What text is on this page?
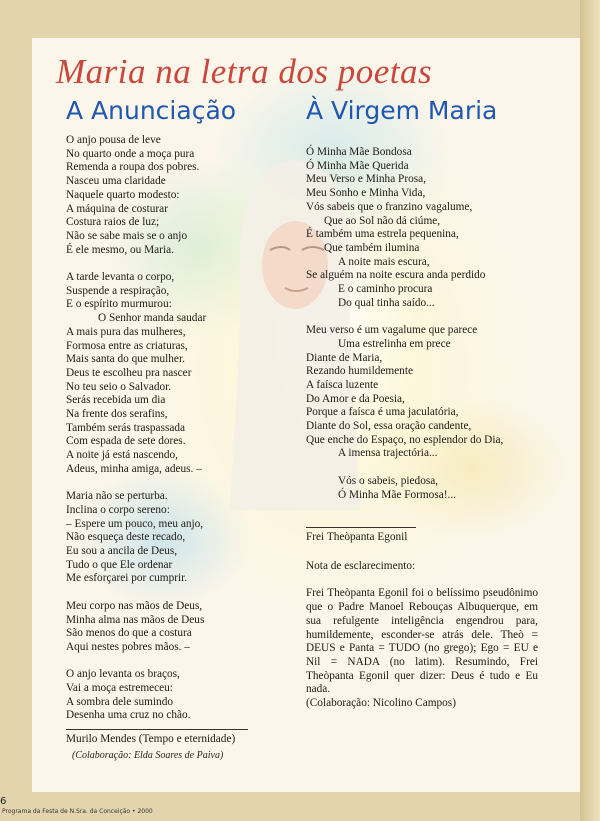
Maria na letra dos poetas
A Anunciação	À Virgem Maria
O anjo pousa de leve
No quarto onde a moça pura
Remenda a roupa dos pobres.
Nasceu uma claridade
Naquele quarto modesto:
A máquina de costurar
Costura raios de luz;
Não se sabe mais se o anjo
É ele mesmo, ou Maria.
A tarde levanta o corpo,
Suspende a respiração,
E o espírito murmurou:
O Senhor manda saudar
A mais pura das mulheres,
Formosa entre as criaturas,
Mais santa do que mulher.
Deus te escolheu pra nascer
No teu seio o Salvador.
Serás recebida um dia
Na frente dos serafins,
Também serás traspassada
Com espada de sete dores.
A noite já está nascendo,
Adeus, minha amiga, adeus. –
Maria não se perturba.
Inclina o corpo sereno:
– Espere um pouco, meu anjo,
Não esqueça deste recado,
Eu sou a ancila de Deus,
Tudo o que Ele ordenar
Me esforçarei por cumprir.
Meu corpo nas mãos de Deus,
Minha alma nas mãos de Deus
São menos do que a costura
Aqui nestes pobres mãos. –
O anjo levanta os braços,
Vai a moça estremeceu:
A sombra dele sumindo
Desenha uma cruz no chão.
Murilo Mendes (Tempo e eternidade)
(Colaboração: Elda Soares de Paiva)
Ó Minha Mãe Bondosa
Ó Minha Mãe Querida
Meu Verso e Minha Prosa,
Meu Sonho e Minha Vida,
Vós sabeis que o franzino vagalume,
Que ao Sol não dá ciúme,
É também uma estrela pequenina,
Que também ilumina
A noite mais escura,
Se alguém na noite escura anda perdido
E o caminho procura
Do qual tinha saído...
Meu verso é um vagalume que parece
Uma estrelinha em prece
Diante de Maria,
Rezando humildemente
A faísca luzente
Do Amor e da Poesia,
Porque a faísca é uma jaculatória,
Diante do Sol, essa oração candente,
Que enche do Espaço, no esplendor do Dia,
A imensa trajectória...
Vós o sabeis, piedosa,
Ó Minha Mãe Formosa!...
Frei Theòpanta Egonil

Nota de esclarecimento:

Frei Theòpanta Egonil foi o belíssimo pseudônimo que o Padre Manoel Rebouças Albuquerque, em sua refulgente inteligência engendrou para, humildemente, esconder-se atrás dele. Theò = DEUS e Panta = TUDO (no grego); Ego = EU e Nil = NADA (no latim). Resumindo, Frei Theòpanta Egonil quer dizer: Deus é tudo e Eu nada.

(Colaboração: Nicolino Campos)

6
Programa da Festa de N.Sra. da Conceição • 2000
